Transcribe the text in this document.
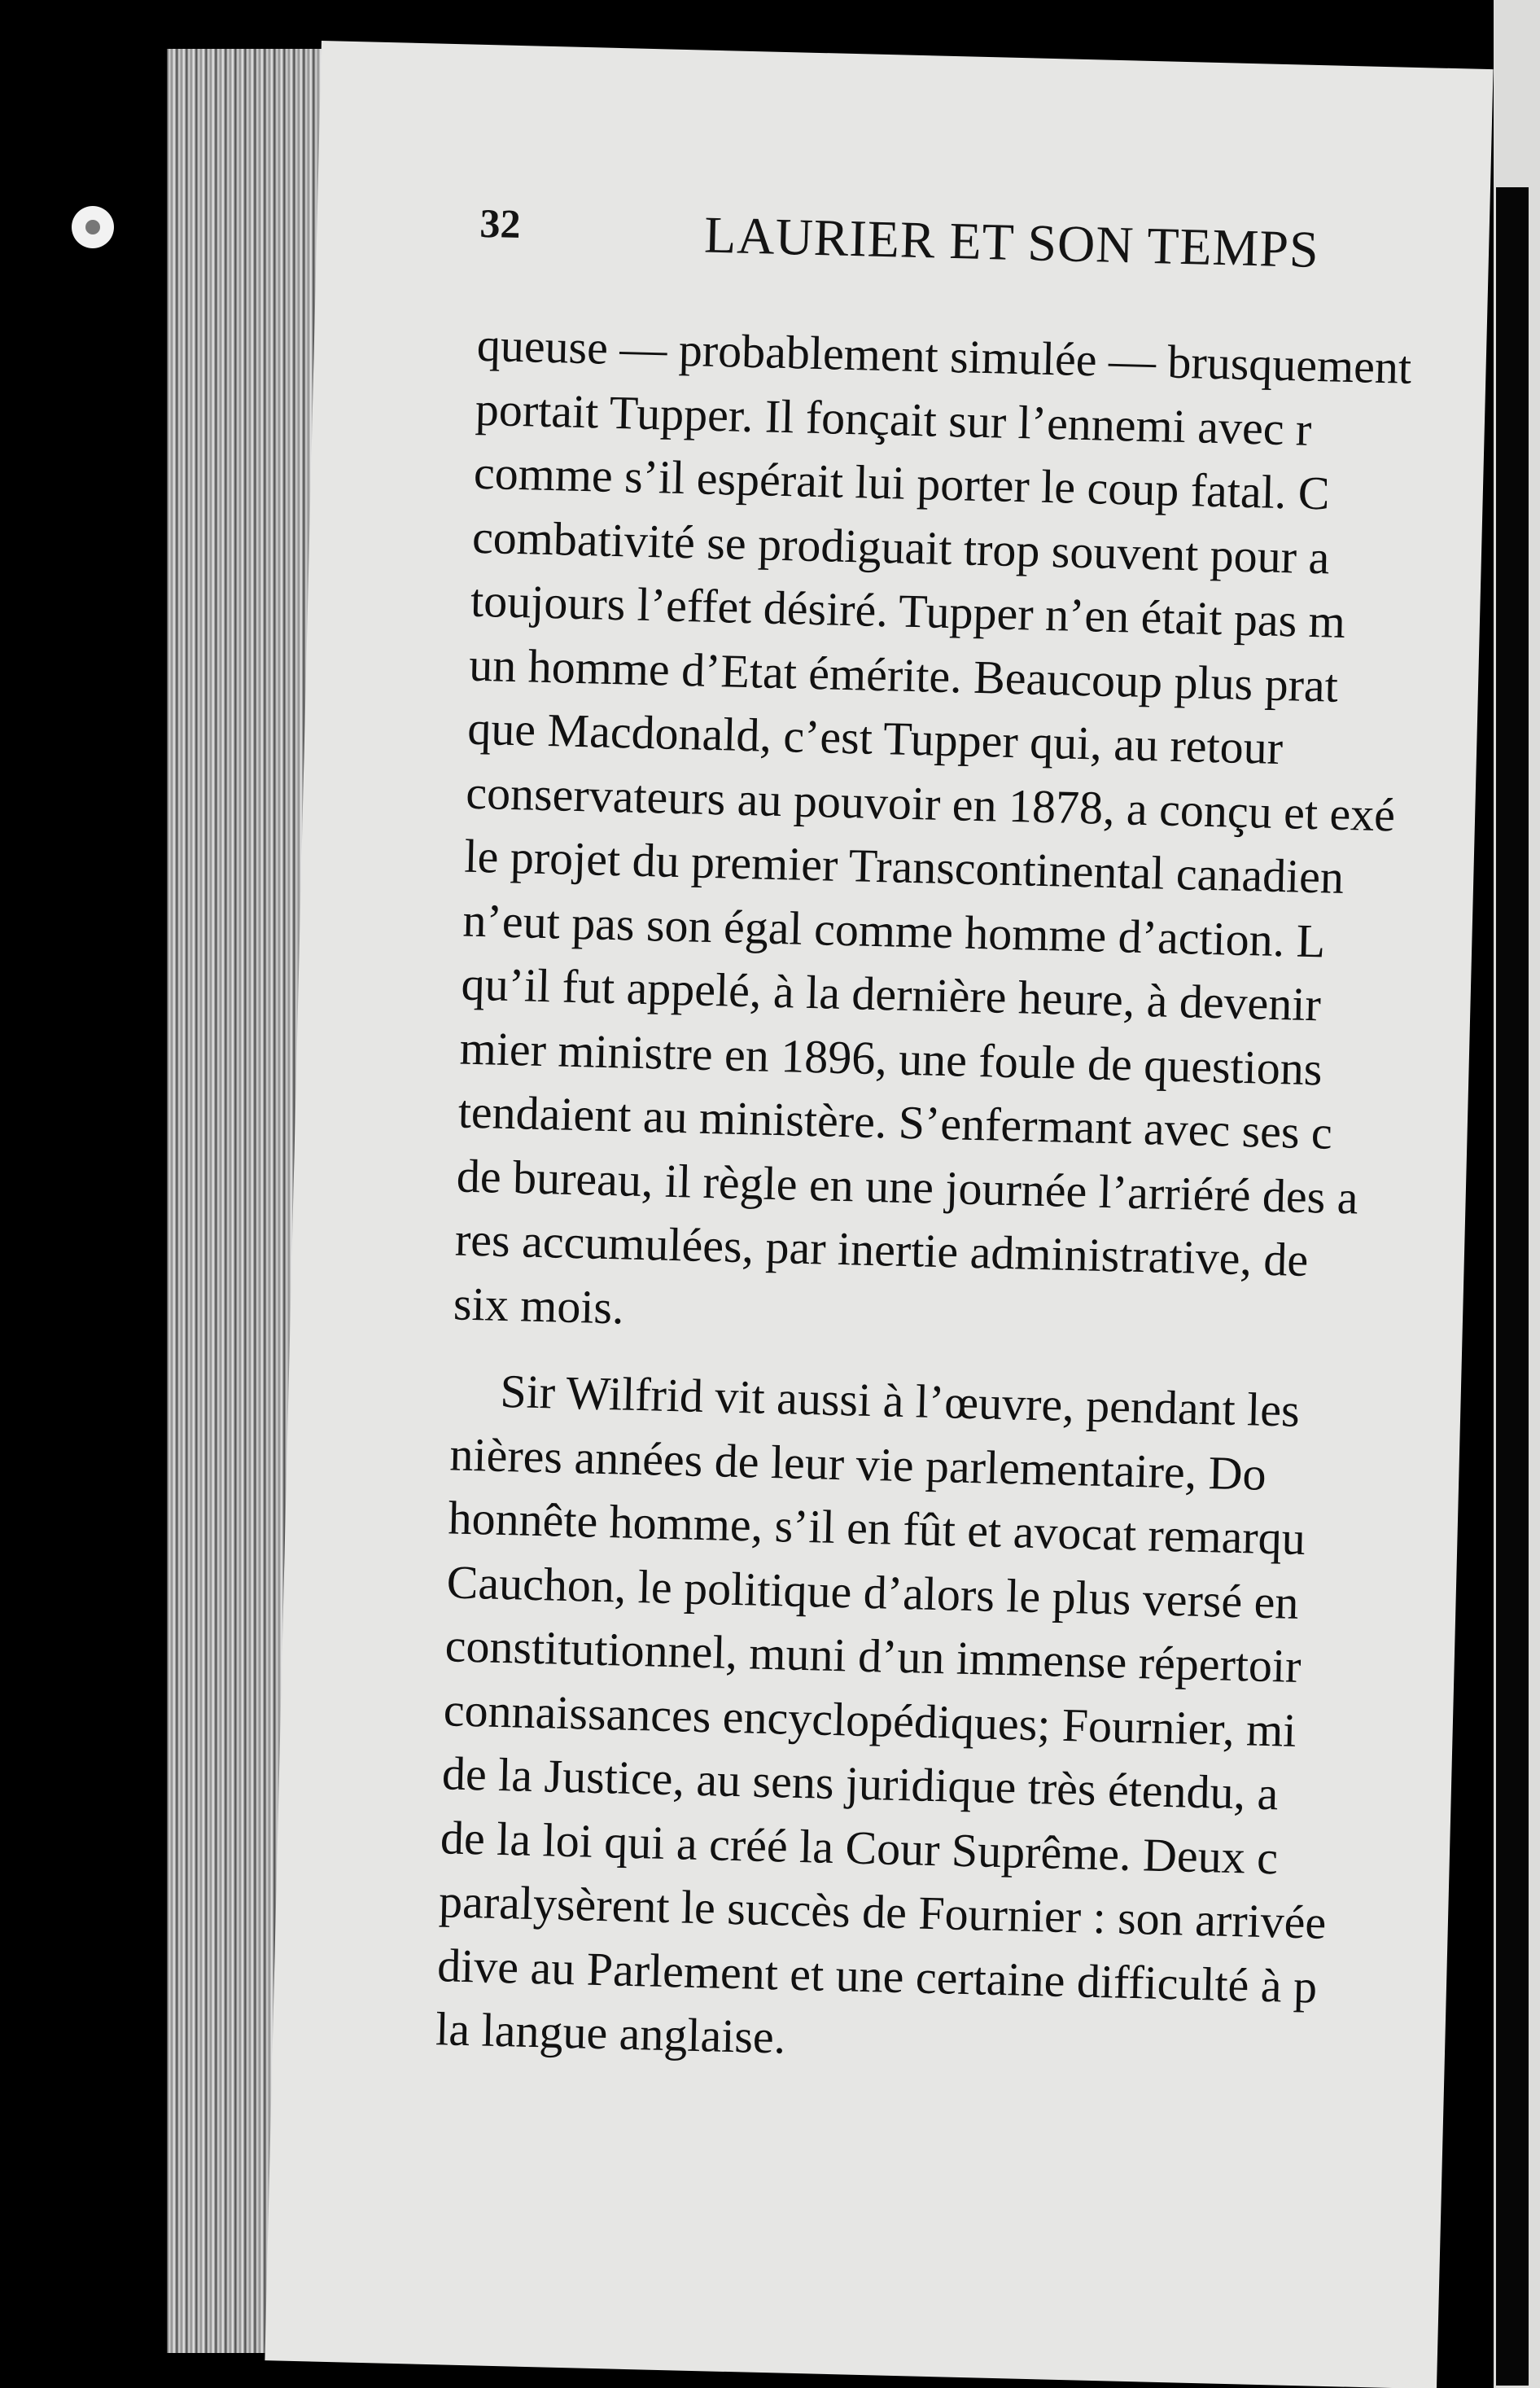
32	LAURIER ET SON TEMPS
queuse — probablement simulée — brusquement
portait Tupper. Il fonçait sur l’ennemi avec r
comme s’il espérait lui porter le coup fatal. C
combativité se prodiguait trop souvent pour a
toujours l’effet désiré. Tupper n’en était pas m
un homme d’Etat émérite. Beaucoup plus prat
que Macdonald, c’est Tupper qui, au retour
conservateurs au pouvoir en 1878, a conçu et exé
le projet du premier Transcontinental canadien
n’eut pas son égal comme homme d’action. L
qu’il fut appelé, à la dernière heure, à devenir
mier ministre en 1896, une foule de questions
tendaient au ministère. S’enfermant avec ses c
de bureau, il règle en une journée l’arriéré des a
res accumulées, par inertie administrative, de
six mois.
Sir Wilfrid vit aussi à l’œuvre, pendant les
nières années de leur vie parlementaire, Do
honnête homme, s’il en fût et avocat remarqu
Cauchon, le politique d’alors le plus versé en
constitutionnel, muni d’un immense répertoir
connaissances encyclopédiques; Fournier, mi
de la Justice, au sens juridique très étendu, a
de la loi qui a créé la Cour Suprême. Deux c
paralysèrent le succès de Fournier : son arrivée
dive au Parlement et une certaine difficulté à p
la langue anglaise.
